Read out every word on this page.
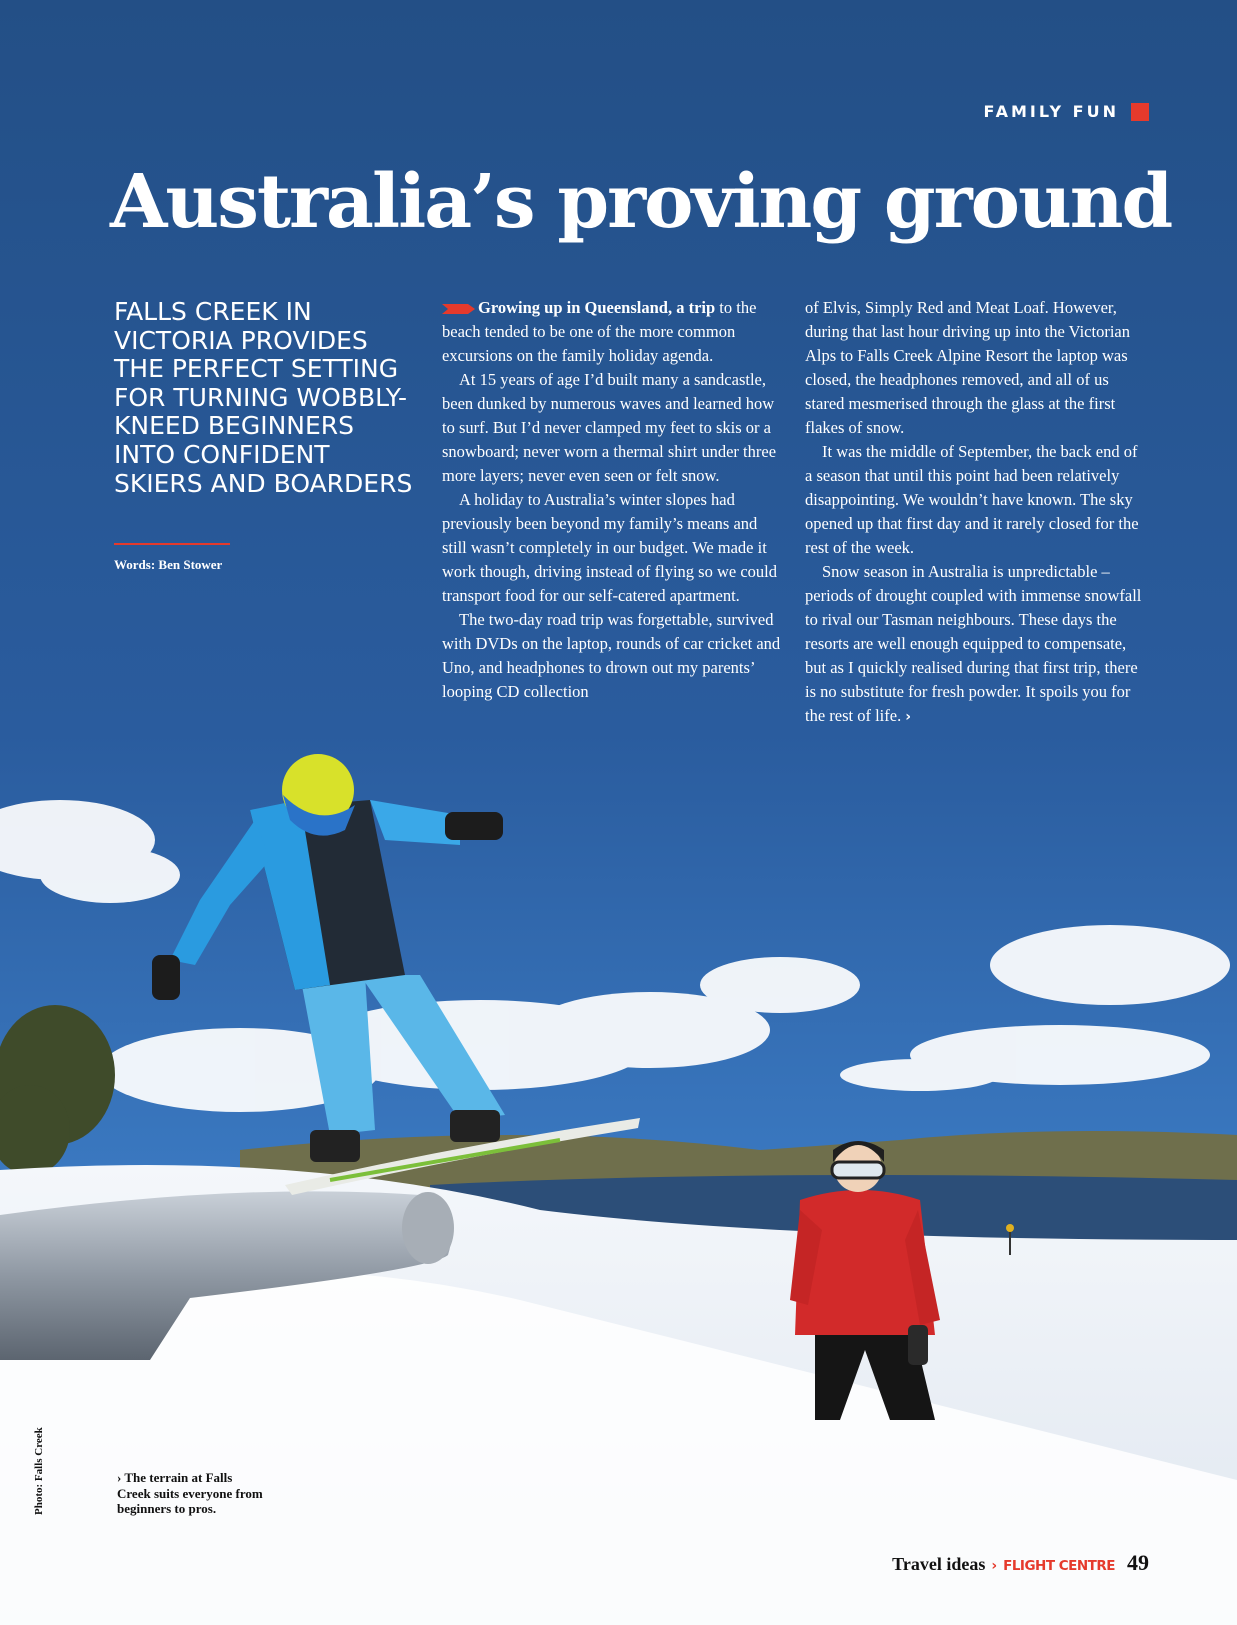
FAMILY FUN
Australia’s proving ground
FALLS CREEK IN VICTORIA PROVIDES THE PERFECT SETTING FOR TURNING WOBBLY-KNEED BEGINNERS INTO CONFIDENT SKIERS AND BOARDERS
Words: Ben Stower

Growing up in Queensland, a trip to the beach tended to be one of the more common excursions on the family holiday agenda.

At 15 years of age I’d built many a sandcastle, been dunked by numerous waves and learned how to surf. But I’d never clamped my feet to skis or a snowboard; never worn a thermal shirt under three more layers; never even seen or felt snow.

A holiday to Australia’s winter slopes had previously been beyond my family’s means and still wasn’t completely in our budget. We made it work though, driving instead of flying so we could transport food for our self-catered apartment.

The two-day road trip was forgettable, survived with DVDs on the laptop, rounds of car cricket and Uno, and headphones to drown out my parents’ looping CD collection

of Elvis, Simply Red and Meat Loaf. However, during that last hour driving up into the Victorian Alps to Falls Creek Alpine Resort the laptop was closed, the headphones removed, and all of us stared mesmerised through the glass at the first flakes of snow.

It was the middle of September, the back end of a season that until this point had been relatively disappointing. We wouldn’t have known. The sky opened up that first day and it rarely closed for the rest of the week.

Snow season in Australia is unpredictable – periods of drought coupled with immense snowfall to rival our Tasman neighbours. These days the resorts are well enough equipped to compensate, but as I quickly realised during that first trip, there is no substitute for fresh powder. It spoils you for the rest of life. ›

› The terrain at Falls Creek suits everyone from beginners to pros.
Photo: Falls Creek
Travel ideas › FLIGHT CENTRE 49
